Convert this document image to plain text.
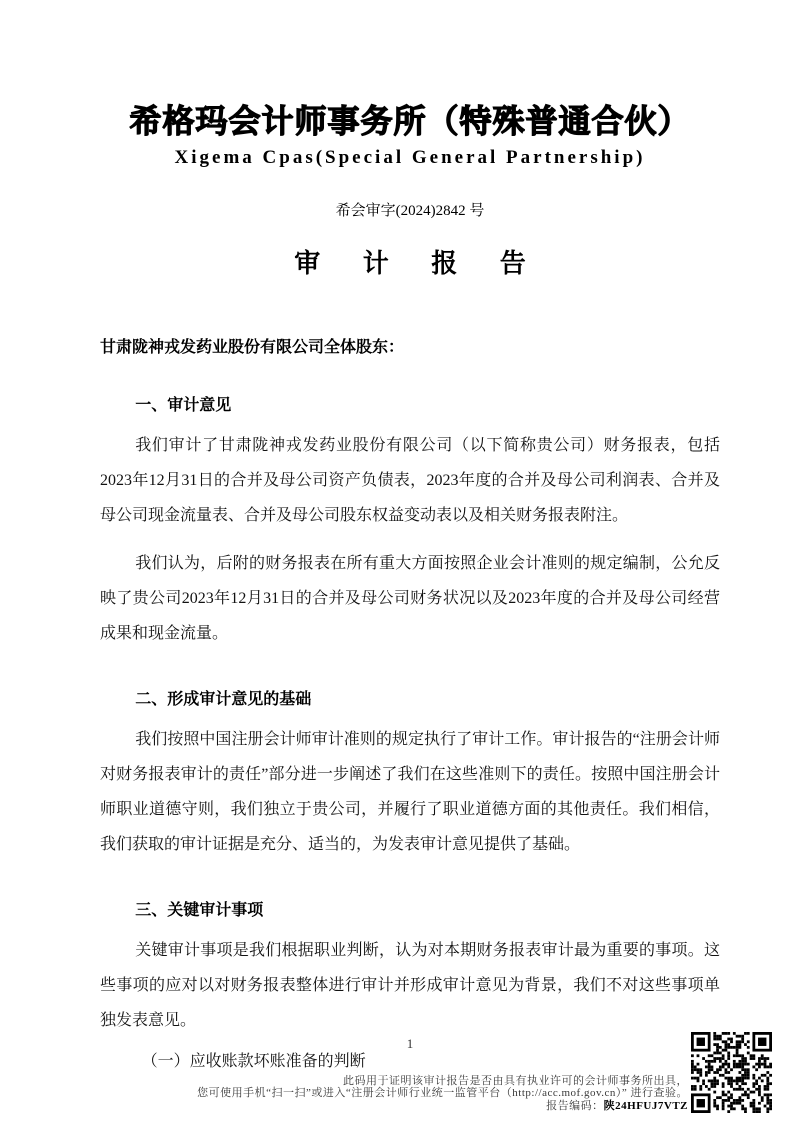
希格玛会计师事务所（特殊普通合伙）
Xigema Cpas(Special General Partnership)
希会审字(2024)2842 号
审 计 报 告
甘肃陇神戎发药业股份有限公司全体股东：
一、审计意见

我们审计了甘肃陇神戎发药业股份有限公司（以下简称贵公司）财务报表，包括2023年12月31日的合并及母公司资产负债表，2023年度的合并及母公司利润表、合并及母公司现金流量表、合并及母公司股东权益变动表以及相关财务报表附注。

我们认为，后附的财务报表在所有重大方面按照企业会计准则的规定编制，公允反映了贵公司2023年12月31日的合并及母公司财务状况以及2023年度的合并及母公司经营成果和现金流量。

二、形成审计意见的基础

我们按照中国注册会计师审计准则的规定执行了审计工作。审计报告的“注册会计师对财务报表审计的责任”部分进一步阐述了我们在这些准则下的责任。按照中国注册会计师职业道德守则，我们独立于贵公司，并履行了职业道德方面的其他责任。我们相信，我们获取的审计证据是充分、适当的，为发表审计意见提供了基础。

三、关键审计事项

关键审计事项是我们根据职业判断，认为对本期财务报表审计最为重要的事项。这些事项的应对以对财务报表整体进行审计并形成审计意见为背景，我们不对这些事项单独发表意见。

（一）应收账款坏账准备的判断

1
此码用于证明该审计报告是否由具有执业许可的会计师事务所出具，
您可使用手机“扫一扫”或进入“注册会计师行业统一监管平台（http://acc.mof.gov.cn）” 进行查验。
报告编码：陕24HFUJ7VTZ
